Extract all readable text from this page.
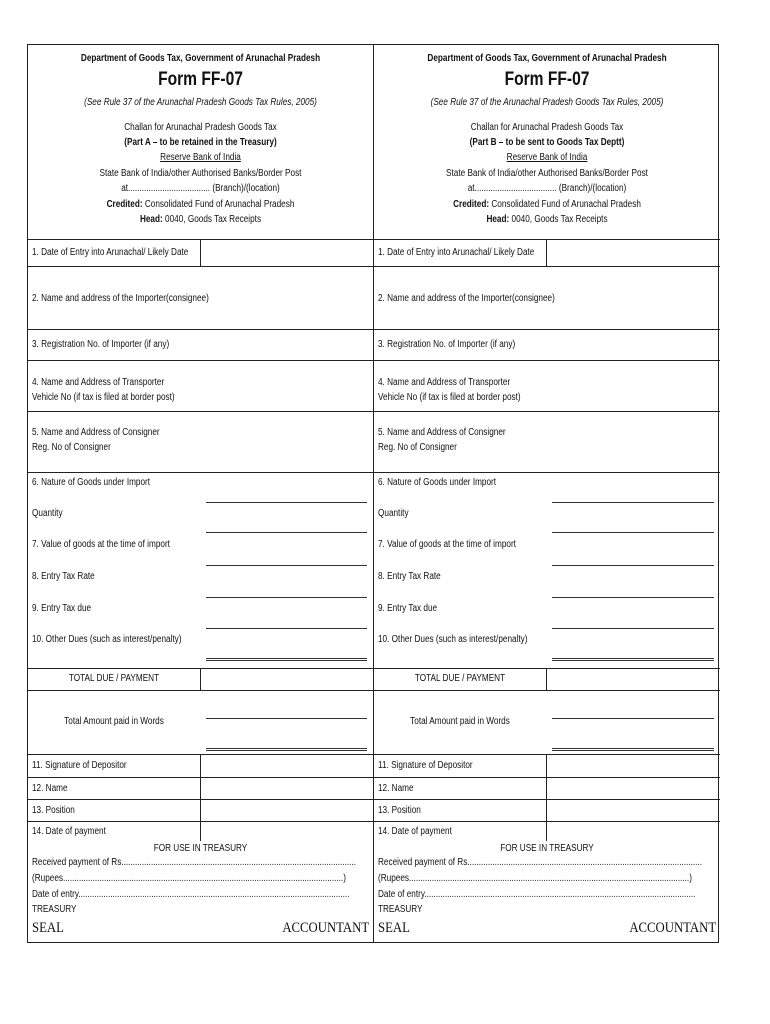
Department of Goods Tax, Government of Arunachal Pradesh
Form FF-07
(See Rule 37 of the Arunachal Pradesh Goods Tax Rules, 2005)
Challan for Arunachal Pradesh Goods Tax
(Part A – to be retained in the Treasury)
Reserve Bank of India
State Bank of India/other Authorised Banks/Border Post
at.................................... (Branch)/(location)
Credited: Consolidated Fund of Arunachal Pradesh
Head: 0040, Goods Tax Receipts
1. Date of Entry into Arunachal/ Likely Date
2. Name and address of the Importer(consignee)
3. Registration No. of Importer (if any)
4. Name and Address of Transporter
Vehicle No (if tax is filed at border post)
5. Name and Address of Consigner
Reg. No of Consigner
6. Nature of Goods under Import
Quantity
7. Value of goods at the time of import
8. Entry Tax Rate
9. Entry Tax due
10. Other Dues (such as interest/penalty)
TOTAL DUE / PAYMENT
Total Amount paid in Words
11. Signature of Depositor
12. Name
13. Position
14. Date of payment
FOR USE IN TREASURY
Received payment of Rs.......................................................................................................
(Rupees...........................................................................................................................)
Date of entry.......................................................................................................................
TREASURY
SEAL	ACCOUNTANT
Department of Goods Tax, Government of Arunachal Pradesh
Form FF-07
(See Rule 37 of the Arunachal Pradesh Goods Tax Rules, 2005)
Challan for Arunachal Pradesh Goods Tax
(Part B – to be sent to Goods Tax Deptt)
Reserve Bank of India
State Bank of India/other Authorised Banks/Border Post
at.................................... (Branch)/(location)
Credited: Consolidated Fund of Arunachal Pradesh
Head: 0040, Goods Tax Receipts
1. Date of Entry into Arunachal/ Likely Date
2. Name and address of the Importer(consignee)
3. Registration No. of Importer (if any)
4. Name and Address of Transporter
Vehicle No (if tax is filed at border post)
5. Name and Address of Consigner
Reg. No of Consigner
6. Nature of Goods under Import
Quantity
7. Value of goods at the time of import
8. Entry Tax Rate
9. Entry Tax due
10. Other Dues (such as interest/penalty)
TOTAL DUE / PAYMENT
Total Amount paid in Words
11. Signature of Depositor
12. Name
13. Position
14. Date of payment
FOR USE IN TREASURY
Received payment of Rs.......................................................................................................
(Rupees...........................................................................................................................)
Date of entry.......................................................................................................................
TREASURY
SEAL	ACCOUNTANT
